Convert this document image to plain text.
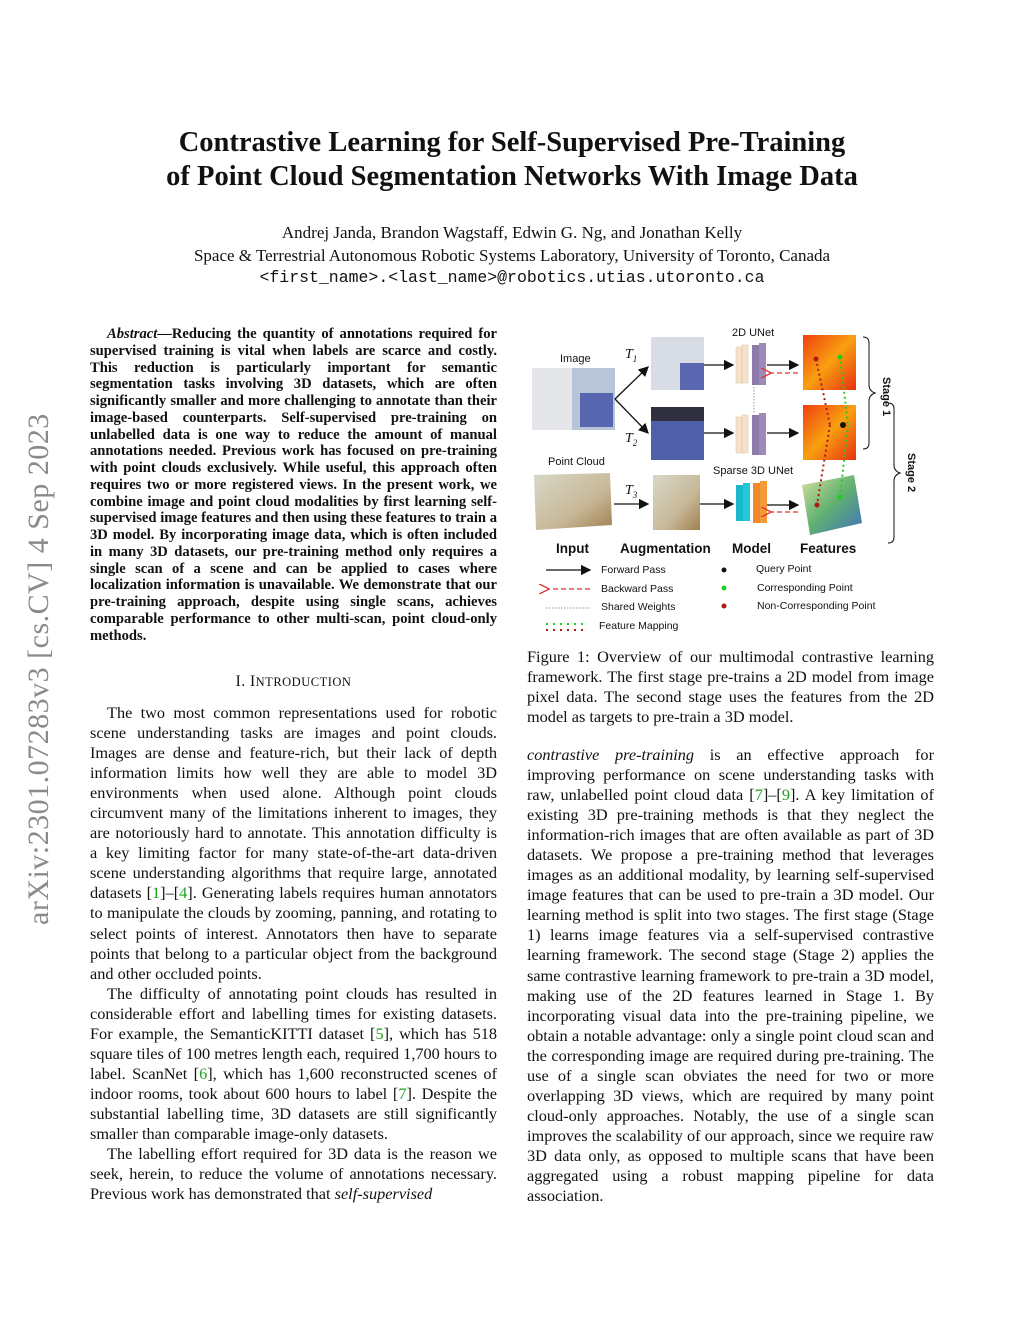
arXiv:2301.07283v3 [cs.CV] 4 Sep 2023
Contrastive Learning for Self-Supervised Pre-Training
of Point Cloud Segmentation Networks With Image Data
Andrej Janda, Brandon Wagstaff, Edwin G. Ng, and Jonathan Kelly
Space & Terrestrial Autonomous Robotic Systems Laboratory, University of Toronto, Canada
<first_name>.<last_name>@robotics.utias.utoronto.ca

Abstract—Reducing the quantity of annotations required for supervised training is vital when labels are scarce and costly. This reduction is particularly important for semantic segmentation tasks involving 3D datasets, which are often significantly smaller and more challenging to annotate than their image-based counterparts. Self-supervised pre-training on unlabelled data is one way to reduce the amount of manual annotations needed. Previous work has focused on pre-training with point clouds exclusively. While useful, this approach often requires two or more registered views. In the present work, we combine image and point cloud modalities by first learning self-supervised image features and then using these features to train a 3D model. By incorporating image data, which is often included in many 3D datasets, our pre-training method only requires a single scan of a scene and can be applied to cases where localization information is unavailable. We demonstrate that our pre-training approach, despite using single scans, achieves comparable performance to other multi-scan, point cloud-only methods.

I. INTRODUCTION

The two most common representations used for robotic scene understanding tasks are images and point clouds. Images are dense and feature-rich, but their lack of depth information limits how well they are able to model 3D environments when used alone. Although point clouds circumvent many of the limitations inherent to images, they are notoriously hard to annotate. This annotation difficulty is a key limiting factor for many state-of-the-art data-driven scene understanding algorithms that require large, annotated datasets [1]–[4]. Generating labels requires human annotators to manipulate the clouds by zooming, panning, and rotating to select points of interest. Annotators then have to separate points that belong to a particular object from the background and other occluded points.

The difficulty of annotating point clouds has resulted in considerable effort and labelling times for existing datasets. For example, the SemanticKITTI dataset [5], which has 518 square tiles of 100 metres length each, required 1,700 hours to label. ScanNet [6], which has 1,600 reconstructed scenes of indoor rooms, took about 600 hours to label [7]. Despite the substantial labelling time, 3D datasets are still significantly smaller than comparable image-only datasets.

The labelling effort required for 3D data is the reason we seek, herein, to reduce the volume of annotations necessary. Previous work has demonstrated that self-supervised

Image
Point Cloud
$T_1$
$T_2$
$T_3$
2D UNet
Sparse 3D UNet
Stage 1
Stage 2
Input Augmentation Model Features
Forward Pass
Backward Pass
Shared Weights
Feature Mapping
Query Point
Corresponding Point
Non-Corresponding Point
Figure 1: Overview of our multimodal contrastive learning framework. The first stage pre-trains a 2D model from image pixel data. The second stage uses the features from the 2D model as targets to pre-train a 3D model.

contrastive pre-training is an effective approach for improving performance on scene understanding tasks with raw, unlabelled point cloud data [7]–[9]. A key limitation of existing 3D pre-training methods is that they neglect the information-rich images that are often available as part of 3D datasets. We propose a pre-training method that leverages images as an additional modality, by learning self-supervised image features that can be used to pre-train a 3D model. Our learning method is split into two stages. The first stage (Stage 1) learns image features via a self-supervised contrastive learning framework. The second stage (Stage 2) applies the same contrastive learning framework to pre-train a 3D model, making use of the 2D features learned in Stage 1. By incorporating visual data into the pre-training pipeline, we obtain a notable advantage: only a single point cloud scan and the corresponding image are required during pre-training. The use of a single scan obviates the need for two or more overlapping 3D views, which are required by many point cloud-only approaches. Notably, the use of a single scan improves the scalability of our approach, since we require raw 3D data only, as opposed to multiple scans that have been aggregated using a robust mapping pipeline for data association.
